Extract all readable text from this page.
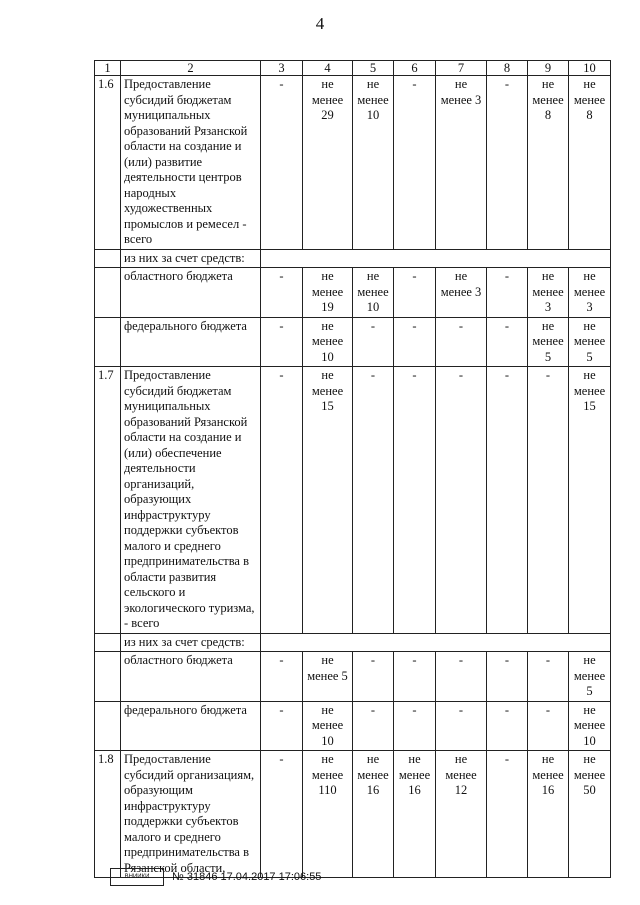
4
1	2	3	4	5	6	7	8	9	10
1.6	Предоставление субсидий бюджетам муниципальных образований Рязанской области на создание и (или) развитие деятельности центров народных художественных промыслов и ремесел - всего	-	не менее 29	не менее 10	-	не менее 3	-	не менее 8	не менее 8
	из них за счет средств:								
	областного бюджета	-	не менее 19	не менее 10	-	не менее 3	-	не менее 3	не менее 3
	федерального бюджета	-	не менее 10	-	-	-	-	не менее 5	не менее 5
1.7	Предоставление субсидий бюджетам муниципальных образований Рязанской области на создание и (или) обеспечение деятельности организаций, образующих инфраструктуру поддержки субъектов малого и среднего предпринимательства в области развития сельского и экологического туризма, - всего	-	не менее 15	-	-	-	-	-	не менее 15
	из них за счет средств:								
	областного бюджета	-	не менее 5	-	-	-	-	-	не менее 5
	федерального бюджета	-	не менее 10	-	-	-	-	-	не менее 10
1.8	Предоставление субсидий организациям, образующим инфраструктуру поддержки субъектов малого и среднего предпринимательства в Рязанской области,	-	не менее 110	не менее 16	не менее 16	не менее 12	-	не менее 16	не менее 50
ВНИИКИ	№ 31846 17.04.2017 17:06:55
